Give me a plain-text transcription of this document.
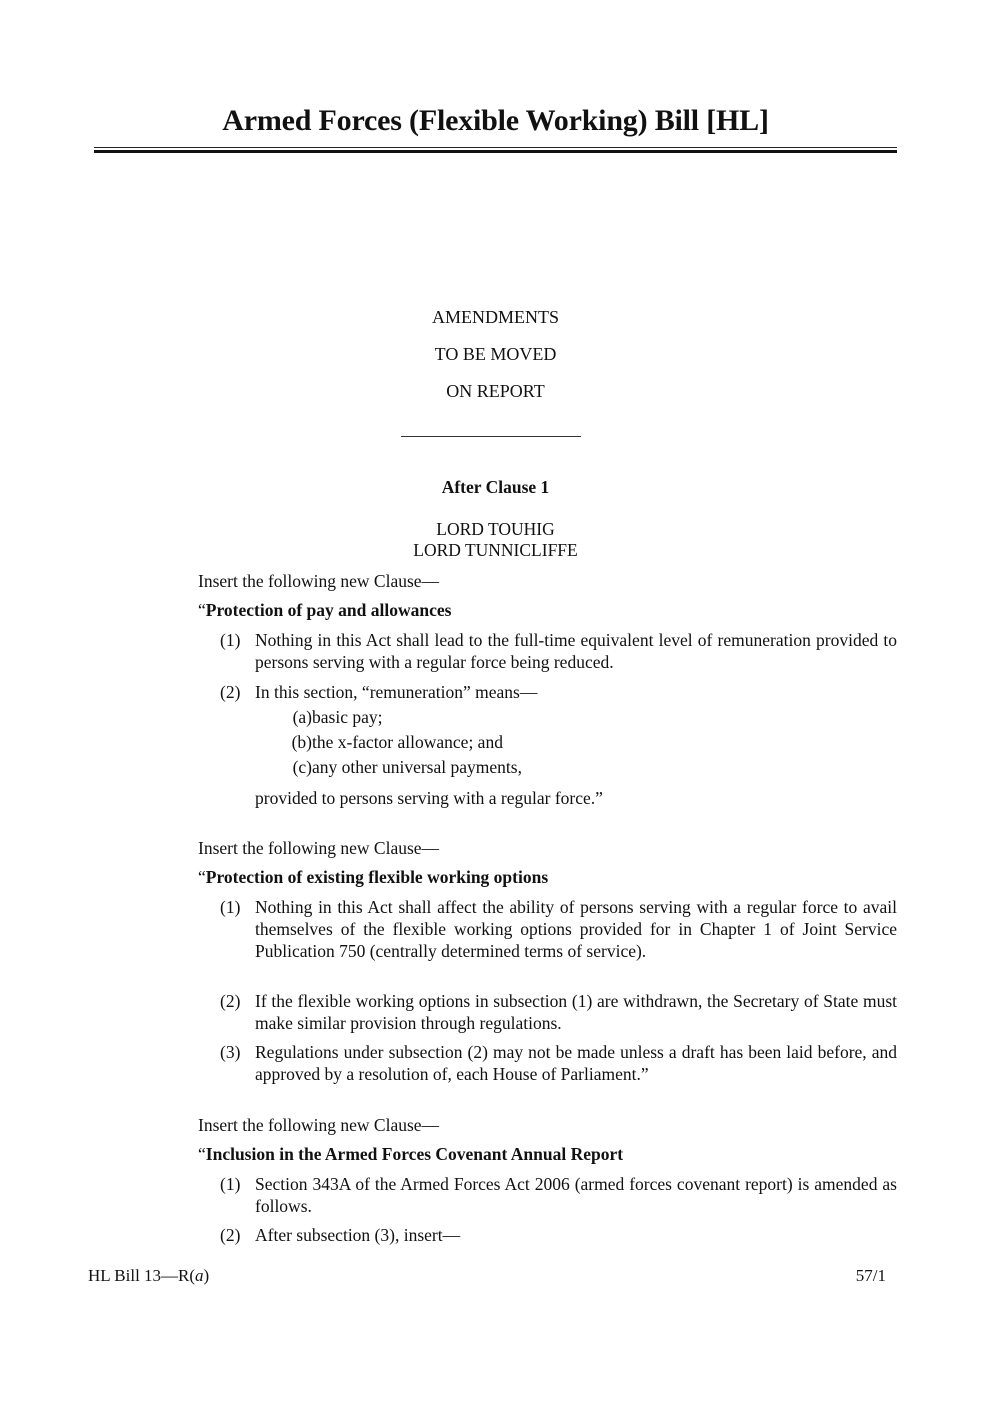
Armed Forces (Flexible Working) Bill [HL]
AMENDMENTS
TO BE MOVED
ON REPORT
After Clause 1
LORD TOUHIG
LORD TUNNICLIFFE
Insert the following new Clause—
“Protection of pay and allowances
(1) Nothing in this Act shall lead to the full-time equivalent level of remuneration provided to persons serving with a regular force being reduced.
(2) In this section, “remuneration” means—
(a) basic pay;
(b) the x-factor allowance; and
(c) any other universal payments,
provided to persons serving with a regular force.”
Insert the following new Clause—
“Protection of existing flexible working options
(1) Nothing in this Act shall affect the ability of persons serving with a regular force to avail themselves of the flexible working options provided for in Chapter 1 of Joint Service Publication 750 (centrally determined terms of service).
(2) If the flexible working options in subsection (1) are withdrawn, the Secretary of State must make similar provision through regulations.
(3) Regulations under subsection (2) may not be made unless a draft has been laid before, and approved by a resolution of, each House of Parliament.”
Insert the following new Clause—
“Inclusion in the Armed Forces Covenant Annual Report
(1) Section 343A of the Armed Forces Act 2006 (armed forces covenant report) is amended as follows.
(2) After subsection (3), insert—
HL Bill 13—R(a)	57/1
